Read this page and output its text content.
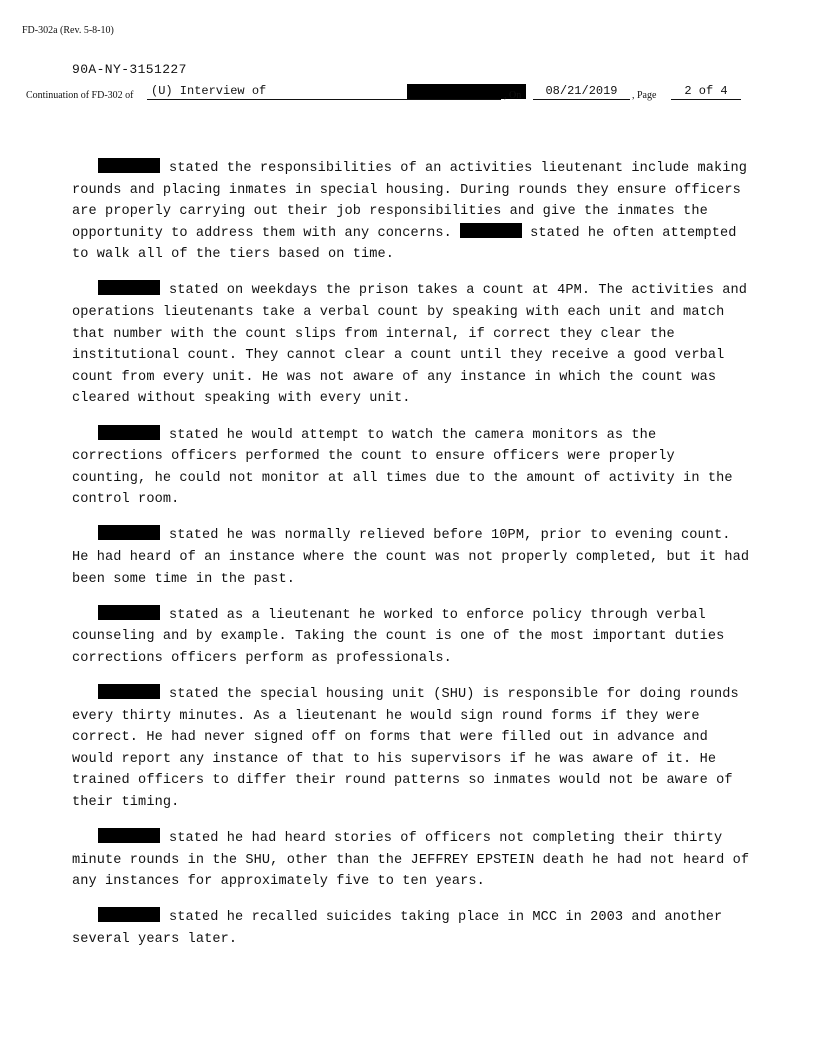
FD-302a (Rev. 5-8-10)
90A-NY-3151227
Continuation of FD-302 of	(U) Interview of	, On	08/21/2019	, Page	2 of 4

stated the responsibilities of an activities lieutenant include making rounds and placing inmates in special housing. During rounds they ensure officers are properly carrying out their job responsibilities and give the inmates the opportunity to address them with any concerns.	stated he often attempted to walk all of the tiers based on time.

stated on weekdays the prison takes a count at 4PM. The activities and operations lieutenants take a verbal count by speaking with each unit and match that number with the count slips from internal, if correct they clear the institutional count. They cannot clear a count until they receive a good verbal count from every unit. He was not aware of any instance in which the count was cleared without speaking with every unit.

stated he would attempt to watch the camera monitors as the corrections officers performed the count to ensure officers were properly counting, he could not monitor at all times due to the amount of activity in the control room.

stated he was normally relieved before 10PM, prior to evening count. He had heard of an instance where the count was not properly completed, but it had been some time in the past.

stated as a lieutenant he worked to enforce policy through verbal counseling and by example. Taking the count is one of the most important duties corrections officers perform as professionals.

stated the special housing unit (SHU) is responsible for doing rounds every thirty minutes. As a lieutenant he would sign round forms if they were correct. He had never signed off on forms that were filled out in advance and would report any instance of that to his supervisors if he was aware of it. He trained officers to differ their round patterns so inmates would not be aware of their timing.

stated he had heard stories of officers not completing their thirty minute rounds in the SHU, other than the JEFFREY EPSTEIN death he had not heard of any instances for approximately five to ten years.

stated he recalled suicides taking place in MCC in 2003 and another several years later.
